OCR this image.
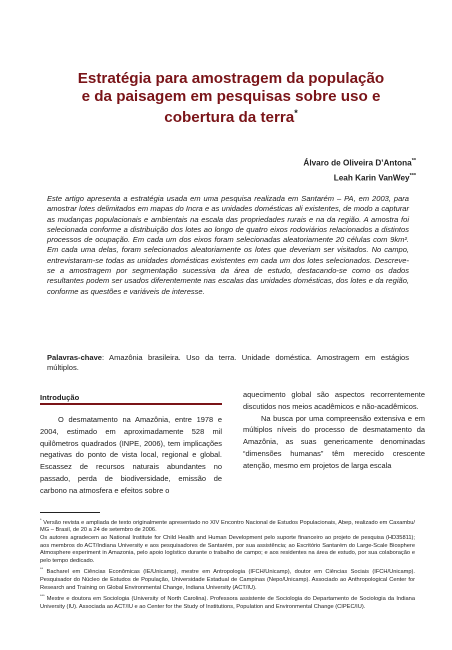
Estratégia para amostragem da população
e da paisagem em pesquisas sobre uso e
cobertura da terra*
Álvaro de Oliveira D’Antona**
Leah Karin VanWey***

Este artigo apresenta a estratégia usada em uma pesquisa realizada em Santarém – PA, em 2003, para amostrar lotes delimitados em mapas do Incra e as unidades domésticas ali existentes, de modo a capturar as mudanças populacionais e ambientais na escala das propriedades rurais e na da região. A amostra foi selecionada conforme a distribuição dos lotes ao longo de quatro eixos rodoviários relacionados a distintos processos de ocupação. Em cada um dos eixos foram selecionadas aleatoriamente 20 células com 9km². Em cada uma delas, foram selecionados aleatoriamente os lotes que deveriam ser visitados. No campo, entrevistaram-se todas as unidades domésticas existentes em cada um dos lotes selecionados. Descreve-se a amostragem por segmentação sucessiva da área de estudo, destacando-se como os dados resultantes podem ser usados diferentemente nas escalas das unidades domésticas, dos lotes e da região, conforme as questões e variáveis de interesse.

Palavras-chave: Amazônia brasileira. Uso da terra. Unidade doméstica. Amostragem em estágios múltiplos.

Introdução

O desmatamento na Amazônia, entre 1978 e 2004, estimado em aproximadamente 528 mil quilômetros quadrados (INPE, 2006), tem implicações negativas do ponto de vista local, regional e global. Escassez de recursos naturais abundantes no passado, perda de biodiversidade, emissão de carbono na atmosfera e efeitos sobre o

aquecimento global são aspectos recorrentemente discutidos nos meios acadêmicos e não-acadêmicos.

Na busca por uma compreensão extensiva e em múltiplos níveis do processo de desmatamento da Amazônia, as suas genericamente denominadas “dimensões humanas” têm merecido crescente atenção, mesmo em projetos de larga escala

* Versão revista e ampliada de texto originalmente apresentado no XIV Encontro Nacional de Estudos Populacionais, Abep, realizado em Caxambu/ MG – Brasil, de 20 a 24 de setembro de 2006.

Os autores agradecem ao National Institute for Child Health and Human Development pelo suporte financeiro ao projeto de pesquisa (HD35811); aos membros do ACT/Indiana University e aos pesquisadores de Santarém, por sua assistência; ao Escritório Santarém do Large-Scale Biosphere Atmosphere experiment in Amazonia, pelo apoio logístico durante o trabalho de campo; e aos residentes na área de estudo, por sua colaboração e pelo tempo dedicado.

** Bacharel em Ciências Econômicas (IE/Unicamp), mestre em Antropologia (IFCH/Unicamp), doutor em Ciências Sociais (IFCH/Unicamp). Pesquisador do Núcleo de Estudos de População, Universidade Estadual de Campinas (Nepo/Unicamp). Associado ao Anthropological Center for Research and Training on Global Environmental Change, Indiana University (ACT/IU).

*** Mestre e doutora em Sociologia (University of North Carolina). Professora assistente de Sociologia do Departamento de Sociologia da Indiana University (IU). Associada ao ACT/IU e ao Center for the Study of Institutions, Population and Environmental Change (CIPEC/IU).
